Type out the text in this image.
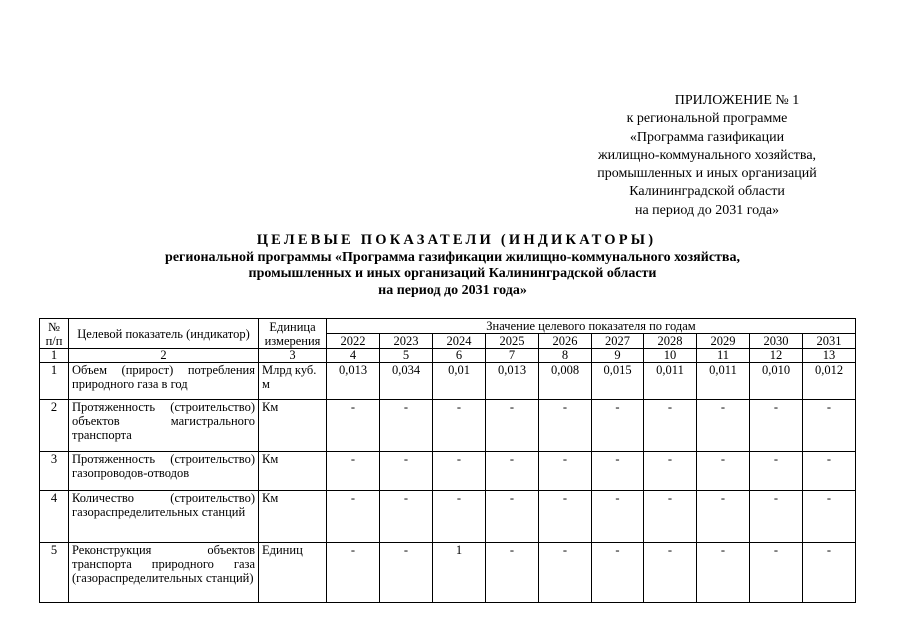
ПРИЛОЖЕНИЕ № 1
к региональной программе
«Программа газификации
жилищно-коммунального хозяйства,
промышленных и иных организаций
Калининградской области
на период до 2031 года»
ЦЕЛЕВЫЕ ПОКАЗАТЕЛИ (ИНДИКАТОРЫ)
региональной программы «Программа газификации жилищно-коммунального хозяйства,
промышленных и иных организаций Калининградской области
на период до 2031 года»
№ п/п	Целевой показатель (индикатор)	Единица измерения	Значение целевого показателя по годам									
			2022	2023	2024	2025	2026	2027	2028	2029	2030	2031
1	2	3	4	5	6	7	8	9	10	11	12	13
1	Объем (прирост) потребления природного газа в год	Млрд куб. м	0,013	0,034	0,01	0,013	0,008	0,015	0,011	0,011	0,010	0,012
2	Протяженность (строительство) объектов магистрального транспорта	Км	-	-	-	-	-	-	-	-	-	-
3	Протяженность (строительство) газопроводов-отводов	Км	-	-	-	-	-	-	-	-	-	-
4	Количество (строительство) газораспределительных станций	Км	-	-	-	-	-	-	-	-	-	-
5	Реконструкция объектов транспорта природного газа (газораспределительных станций)	Единиц	-	-	1	-	-	-	-	-	-	-
